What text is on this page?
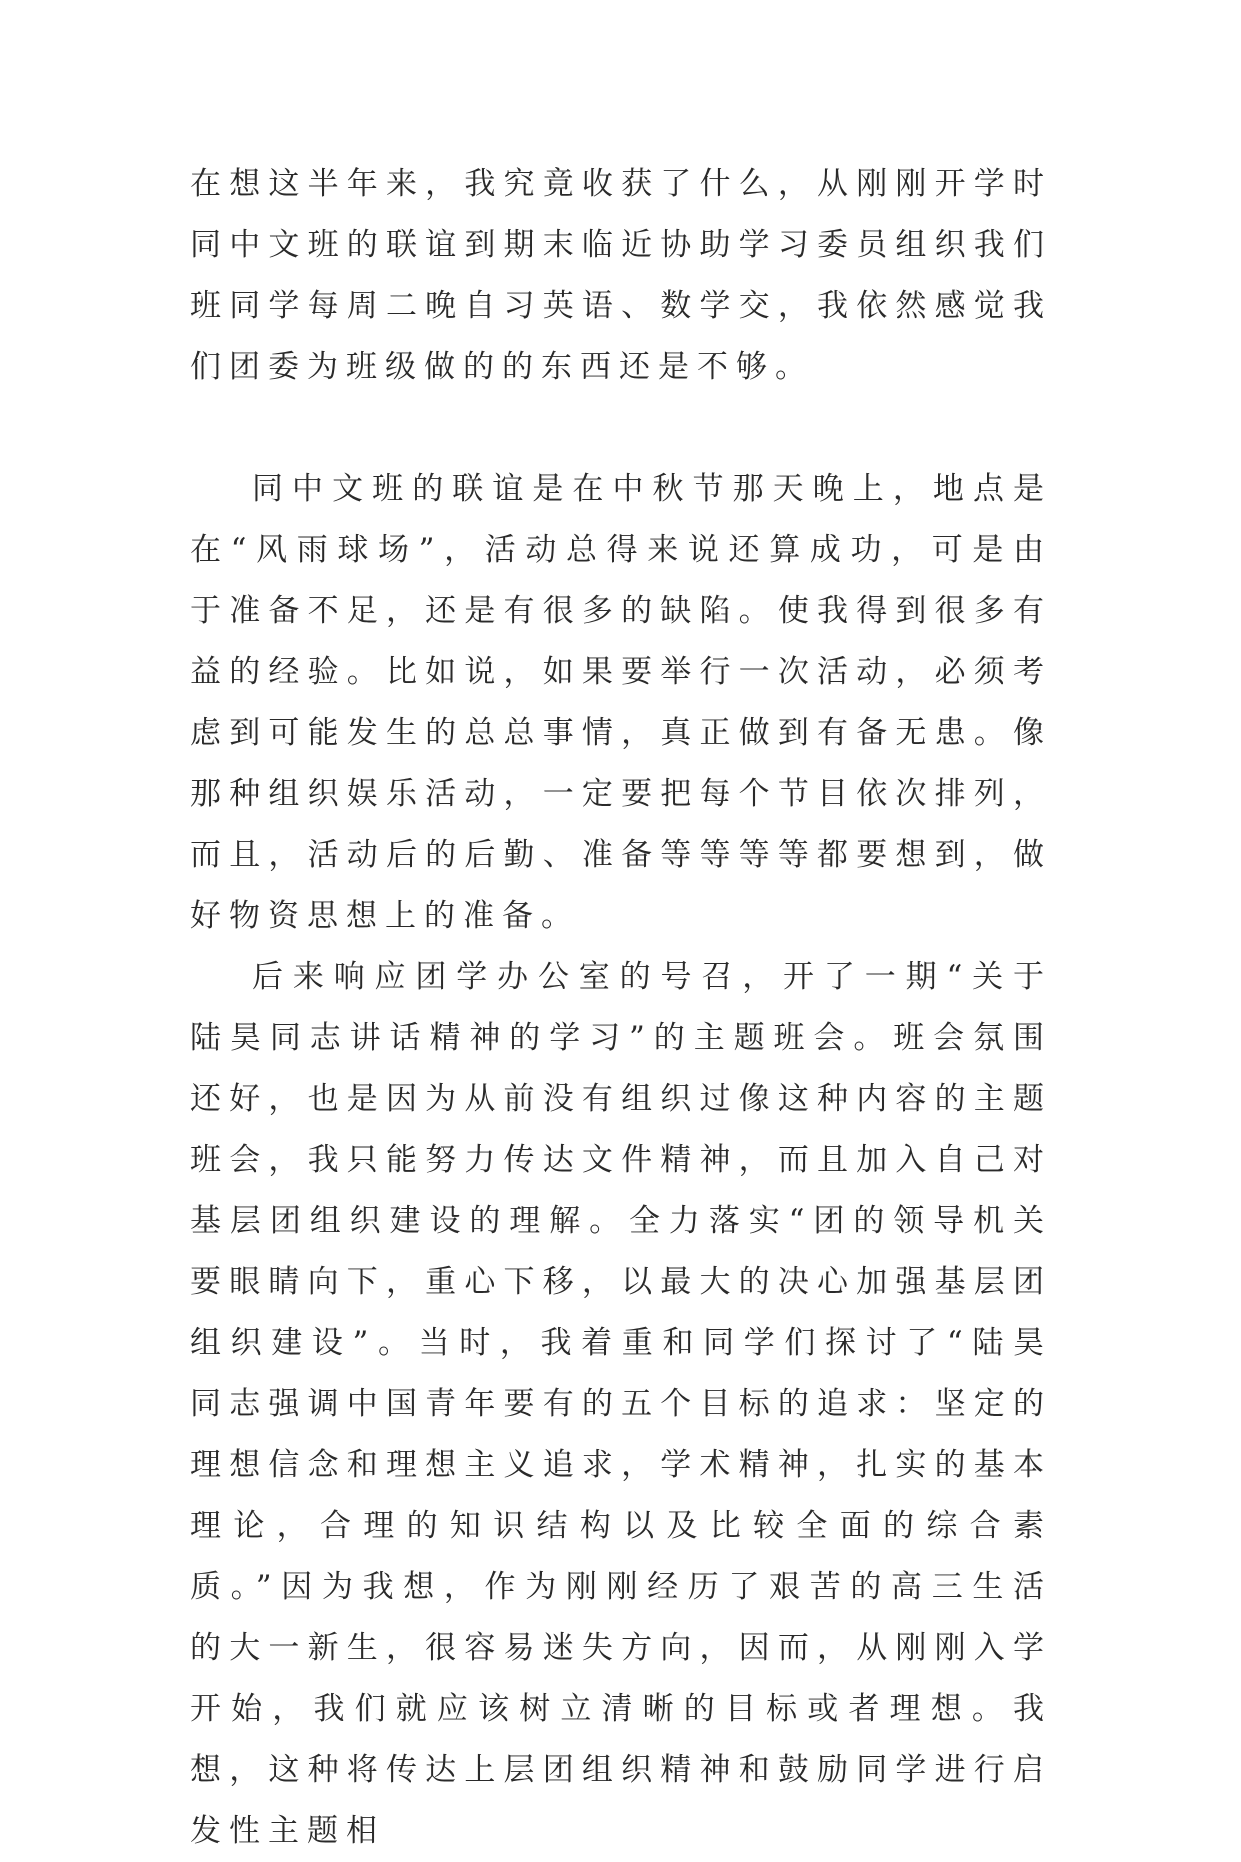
在想这半年来，我究竟收获了什么，从刚刚开学时同中文班的联谊到期末临近协助学习委员组织我们班同学每周二晚自习英语、数学交，我依然感觉我们团委为班级做的的东西还是不够。

同中文班的联谊是在中秋节那天晚上，地点是在“风雨球场”，活动总得来说还算成功，可是由于准备不足，还是有很多的缺陷。使我得到很多有益的经验。比如说，如果要举行一次活动，必须考虑到可能发生的总总事情，真正做到有备无患。像那种组织娱乐活动，一定要把每个节目依次排列，而且，活动后的后勤、准备等等等等都要想到，做好物资思想上的准备。

后来响应团学办公室的号召，开了一期“关于陆昊同志讲话精神的学习”的主题班会。班会氛围还好，也是因为从前没有组织过像这种内容的主题班会，我只能努力传达文件精神，而且加入自己对基层团组织建设的理解。全力落实“团的领导机关要眼睛向下，重心下移，以最大的决心加强基层团组织建设”。当时，我着重和同学们探讨了“陆昊同志强调中国青年要有的五个目标的追求：坚定的理想信念和理想主义追求，学术精神，扎实的基本理论，合理的知识结构以及比较全面的综合素质。”因为我想，作为刚刚经历了艰苦的高三生活的大一新生，很容易迷失方向，因而，从刚刚入学开始，我们就应该树立清晰的目标或者理想。我想，这种将传达上层团组织精神和鼓励同学进行启发性主题相
